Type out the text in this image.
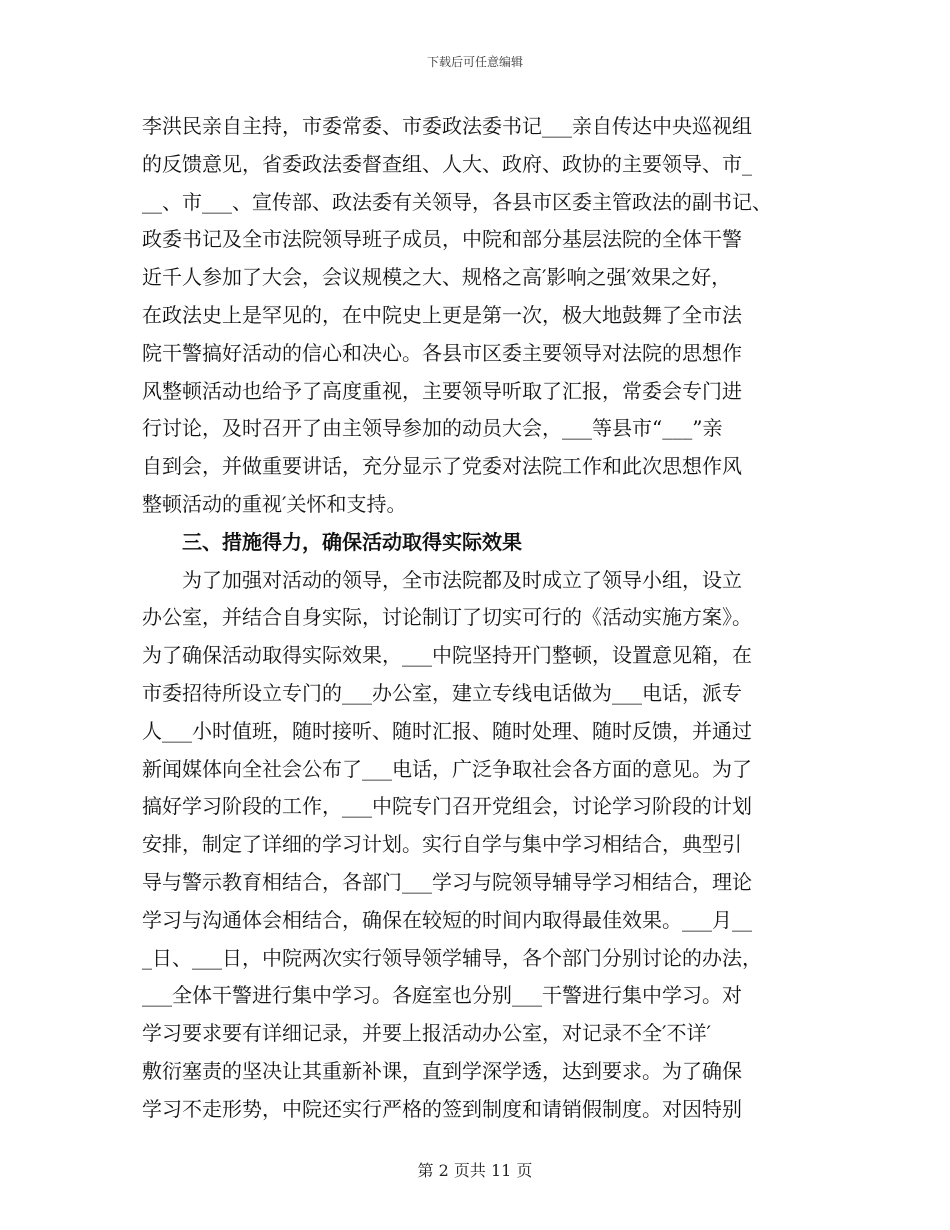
下载后可任意编辑
李洪民亲自主持，市委常委、市委政法委书记___亲自传达中央巡视组
的反馈意见，省委政法委督查组、人大、政府、政协的主要领导、市_
__、市___、宣传部、政法委有关领导，各县市区委主管政法的副书记、
政委书记及全市法院领导班子成员，中院和部分基层法院的全体干警
近千人参加了大会，会议规模之大、规格之高′影响之强′效果之好，
在政法史上是罕见的，在中院史上更是第一次，极大地鼓舞了全市法
院干警搞好活动的信心和决心。各县市区委主要领导对法院的思想作
风整顿活动也给予了高度重视，主要领导听取了汇报，常委会专门进
行讨论，及时召开了由主领导参加的动员大会，___等县市“___”亲
自到会，并做重要讲话，充分显示了党委对法院工作和此次思想作风
整顿活动的重视′关怀和支持。
　　三、措施得力，确保活动取得实际效果
　　为了加强对活动的领导，全市法院都及时成立了领导小组，设立
办公室，并结合自身实际，讨论制订了切实可行的《活动实施方案》。
为了确保活动取得实际效果，___中院坚持开门整顿，设置意见箱，在
市委招待所设立专门的___办公室，建立专线电话做为___电话，派专
人___小时值班，随时接听、随时汇报、随时处理、随时反馈，并通过
新闻媒体向全社会公布了___电话，广泛争取社会各方面的意见。为了
搞好学习阶段的工作，___中院专门召开党组会，讨论学习阶段的计划
安排，制定了详细的学习计划。实行自学与集中学习相结合，典型引
导与警示教育相结合，各部门___学习与院领导辅导学习相结合，理论
学习与沟通体会相结合，确保在较短的时间内取得最佳效果。___月__
_日、___日，中院两次实行领导领学辅导，各个部门分别讨论的办法，
___全体干警进行集中学习。各庭室也分别___干警进行集中学习。对
学习要求要有详细记录，并要上报活动办公室，对记录不全′不详′
敷衍塞责的坚决让其重新补课，直到学深学透，达到要求。为了确保
学习不走形势，中院还实行严格的签到制度和请销假制度。对因特别
第 2 页共 11 页
